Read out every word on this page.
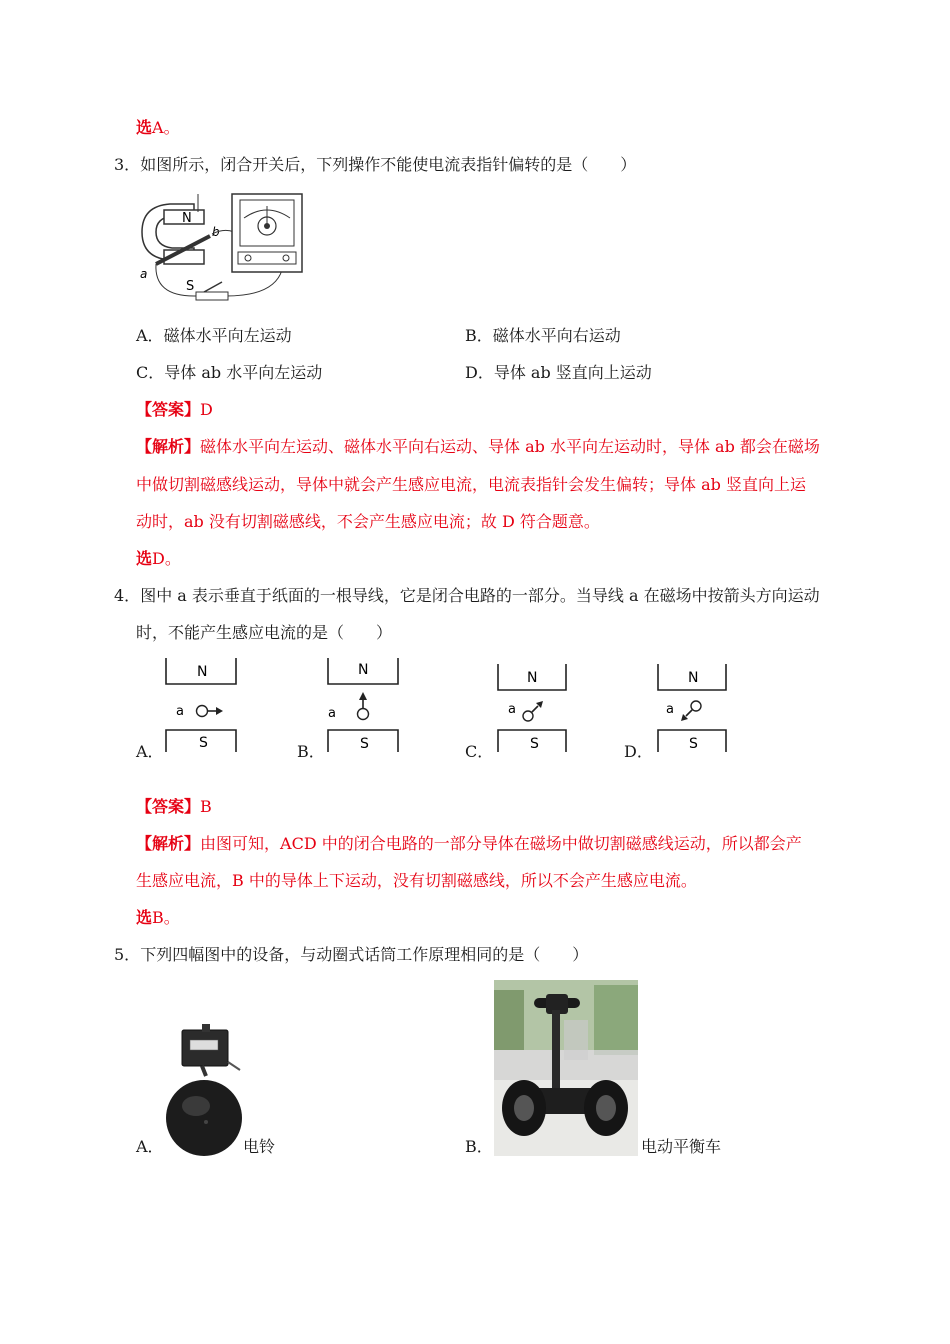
选A。
3．如图所示，闭合开关后，下列操作不能使电流表指针偏转的是（　　）
N
S
a
b
A．磁体水平向左运动	B．磁体水平向右运动
C．导体 ab 水平向左运动	D．导体 ab 竖直向上运动
【答案】D
【解析】磁体水平向左运动、磁体水平向右运动、导体 ab 水平向左运动时，导体 ab 都会在磁场
中做切割磁感线运动，导体中就会产生感应电流，电流表指针会发生偏转；导体 ab 竖直向上运
动时，ab 没有切割磁感线，不会产生感应电流；故 D 符合题意。
选D。
4．图中 a 表示垂直于纸面的一根导线，它是闭合电路的一部分。当导线 a 在磁场中按箭头方向运动
时，不能产生感应电流的是（　　）
A．
N
a
S	B．
N
a
S	C．
N
a
S	D．
N
a
S
【答案】B
【解析】由图可知，ACD 中的闭合电路的一部分导体在磁场中做切割磁感线运动，所以都会产
生感应电流，B 中的导体上下运动，没有切割磁感线，所以不会产生感应电流。
选B。
5．下列四幅图中的设备，与动圈式话筒工作原理相同的是（　　）
A．	电铃	B．	电动平衡车
